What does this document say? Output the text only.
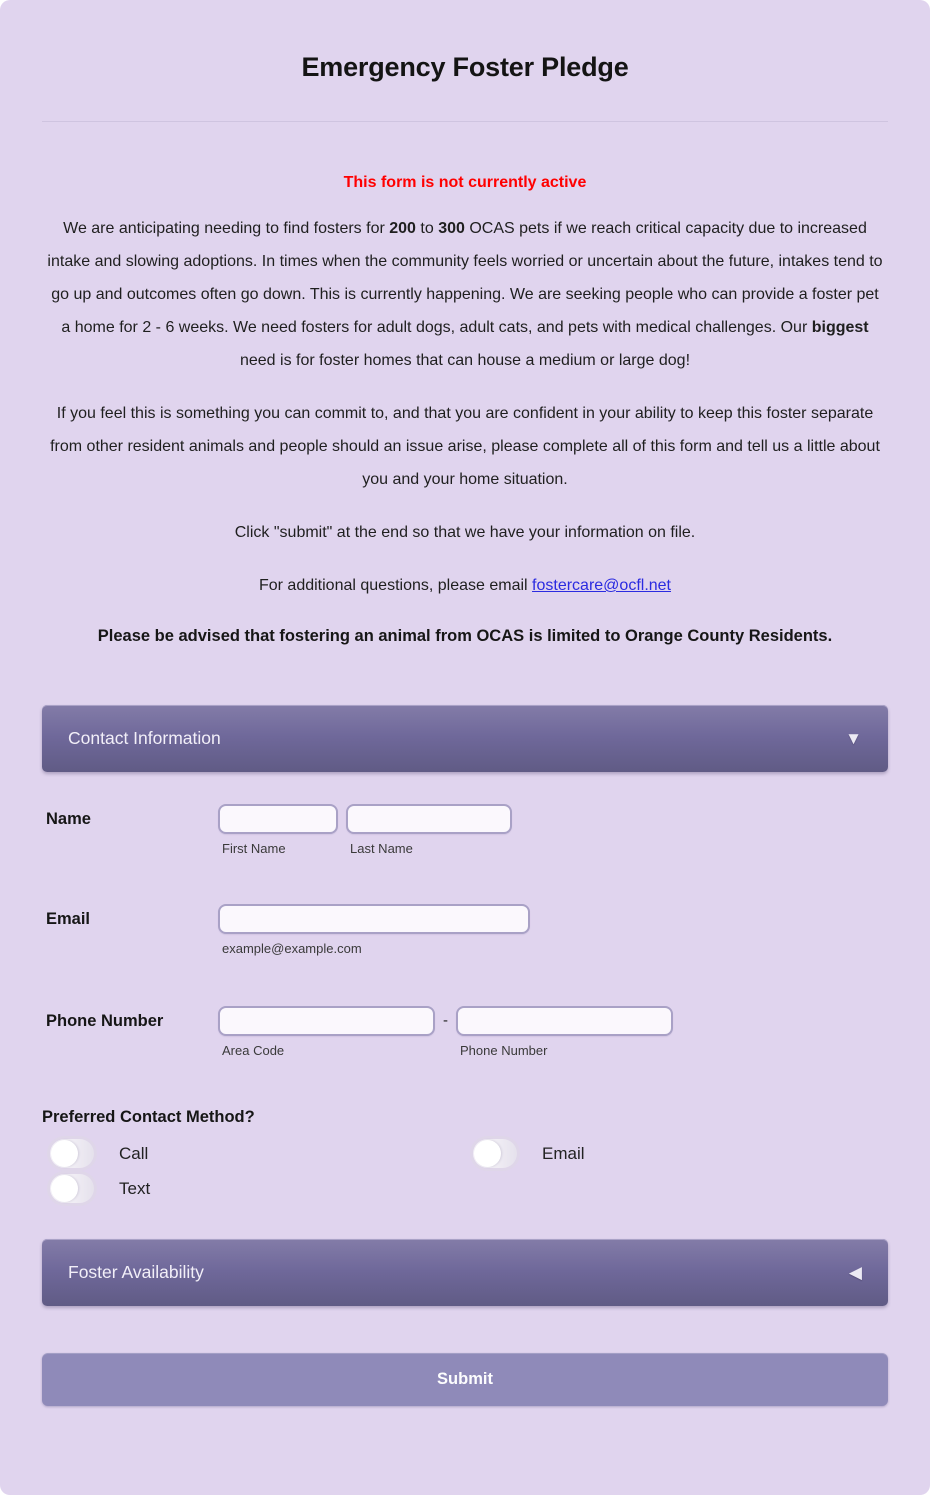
Emergency Foster Pledge
This form is not currently active

We are anticipating needing to find fosters for 200 to 300 OCAS pets if we reach critical capacity due to increased intake and slowing adoptions. In times when the community feels worried or uncertain about the future, intakes tend to go up and outcomes often go down. This is currently happening. We are seeking people who can provide a foster pet a home for 2 - 6 weeks. We need fosters for adult dogs, adult cats, and pets with medical challenges. Our biggest need is for foster homes that can house a medium or large dog!

If you feel this is something you can commit to, and that you are confident in your ability to keep this foster separate from other resident animals and people should an issue arise, please complete all of this form and tell us a little about you and your home situation.

Click "submit" at the end so that we have your information on file.

For additional questions, please email fostercare@ocfl.net

Please be advised that fostering an animal from OCAS is limited to Orange County Residents.

Contact Information	▼
Name
First Name	Last Name
Email
example@example.com
Phone Number
Area Code
-
Phone Number
Preferred Contact Method?
Call	Email
Text
Foster Availability	◀
Submit
